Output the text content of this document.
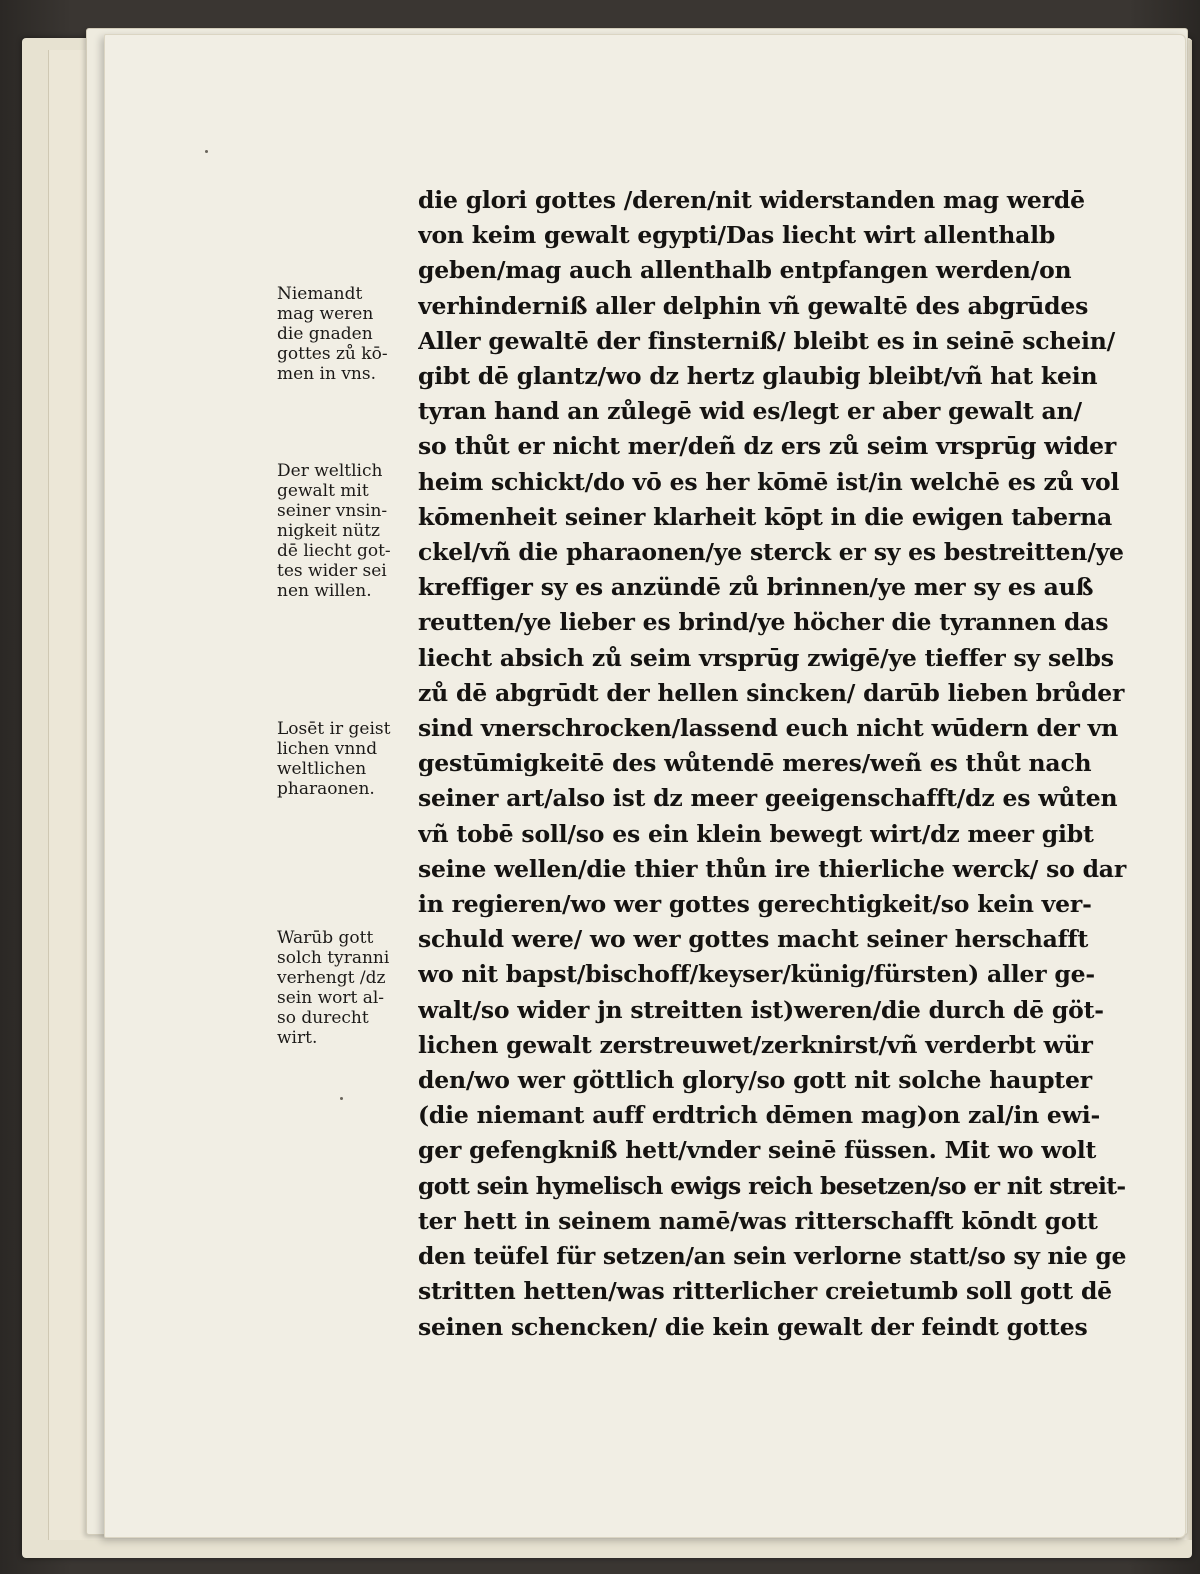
Niemandt
mag weren
die gnaden
gottes zů kō-
men in vns.
Der weltlich
gewalt mit
seiner vnsin-
nigkeit nütz
dē liecht got-
tes wider sei
nen willen.
Losēt ir geist
lichen vnnd
weltlichen
pharaonen.
Warūb gott
solch tyranni
verhengt /dz
sein wort al-
so durecht
wirt.
die glori gottes /deren/nit widerstanden mag werdē
von keim gewalt egypti/Das liecht wirt allenthalb
geben/mag auch allenthalb entpfangen werden/on
verhinderniß aller delphin vñ gewaltē des abgrūdes
Aller gewaltē der finsterniß/ bleibt es in seinē schein/
gibt dē glantz/wo dz hertz glaubig bleibt/vñ hat kein
tyran hand an zůlegē wid es/legt er aber gewalt an/
so thůt er nicht mer/deñ dz ers zů seim vrsprūg wider
heim schickt/do vō es her kōmē ist/in welchē es zů vol
kōmenheit seiner klarheit kōpt in die ewigen taberna
ckel/vñ die pharaonen/ye sterck er sy es bestreitten/ye
kreffiger sy es anzündē zů brinnen/ye mer sy es auß
reutten/ye lieber es brind/ye höcher die tyrannen das
liecht absich zů seim vrsprūg zwigē/ye tieffer sy selbs
zů dē abgrūdt der hellen sincken/ darūb lieben brůder
sind vnerschrocken/lassend euch nicht wūdern der vn
gestūmigkeitē des wůtendē meres/weñ es thůt nach
seiner art/also ist dz meer geeigenschafft/dz es wůten
vñ tobē soll/so es ein klein bewegt wirt/dz meer gibt
seine wellen/die thier thůn ire thierliche werck/ so dar
in regieren/wo wer gottes gerechtigkeit/so kein ver-
schuld were/ wo wer gottes macht seiner herschafft
wo nit bapst/bischoff/keyser/künig/fürsten) aller ge-
walt/so wider jn streitten ist)weren/die durch dē göt-
lichen gewalt zerstreuwet/zerknirst/vñ verderbt wür
den/wo wer göttlich glory/so gott nit solche haupter
(die niemant auff erdtrich dēmen mag)on zal/in ewi-
ger gefengkniß hett/vnder seinē füssen. Mit wo wolt
gott sein hymelisch ewigs reich besetzen/so er nit streit-
ter hett in seinem namē/was ritterschafft kōndt gott
den teüfel für setzen/an sein verlorne statt/so sy nie ge
stritten hetten/was ritterlicher creietumb soll gott dē
seinen schencken/ die kein gewalt der feindt gottes
